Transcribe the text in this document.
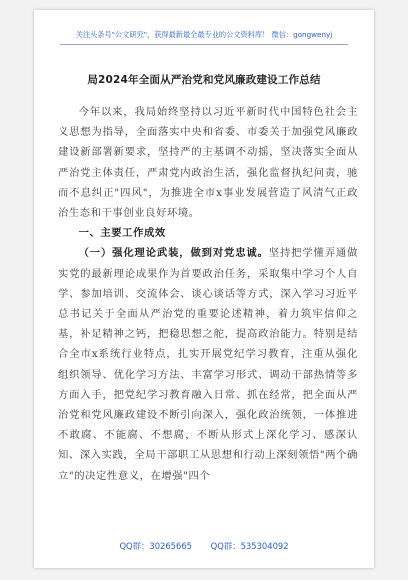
关注头条号"公文研究"，获得最新最全最专业的公文资料库！ 微信：gongwenyj
局2024年全面从严治党和党风廉政建设工作总结

今年以来，我局始终坚持以习近平新时代中国特色社会主义思想为指导，全面落实中央和省委、市委关于加强党风廉政建设新部署新要求，坚持严的主基调不动摇，坚决落实全面从严治党主体责任，严肃党内政治生活，强化监督执纪问责，驰而不息纠正"四风"，为推进全市x事业发展营造了风清气正政治生态和干事创业良好环境。

一、主要工作成效

（一）强化理论武装，做到对党忠诚。坚持把学懂弄通做实党的最新理论成果作为首要政治任务，采取集中学习个人自学、参加培训、交流体会、谈心谈话等方式，深入学习习近平总书记关于全面从严治党的重要论述精神，着力筑牢信仰之基，补足精神之钙，把稳思想之舵，提高政治能力。特别是结合全市x系统行业特点，扎实开展党纪学习教育，注重从强化组织领导、优化学习方法、丰富学习形式、调动干部热情等多方面入手，把党纪学习教育融入日常、抓在经常，把全面从严治党和党风廉政建设不断引向深入，强化政治统领，一体推进不敢腐、不能腐、不想腐，不断从形式上深化学习、感深认知、深入实践，全局干部职工从思想和行动上深刻领悟"两个确立"的决定性意义，在增强"四个

QQ群：30265665 QQ群：535304092
